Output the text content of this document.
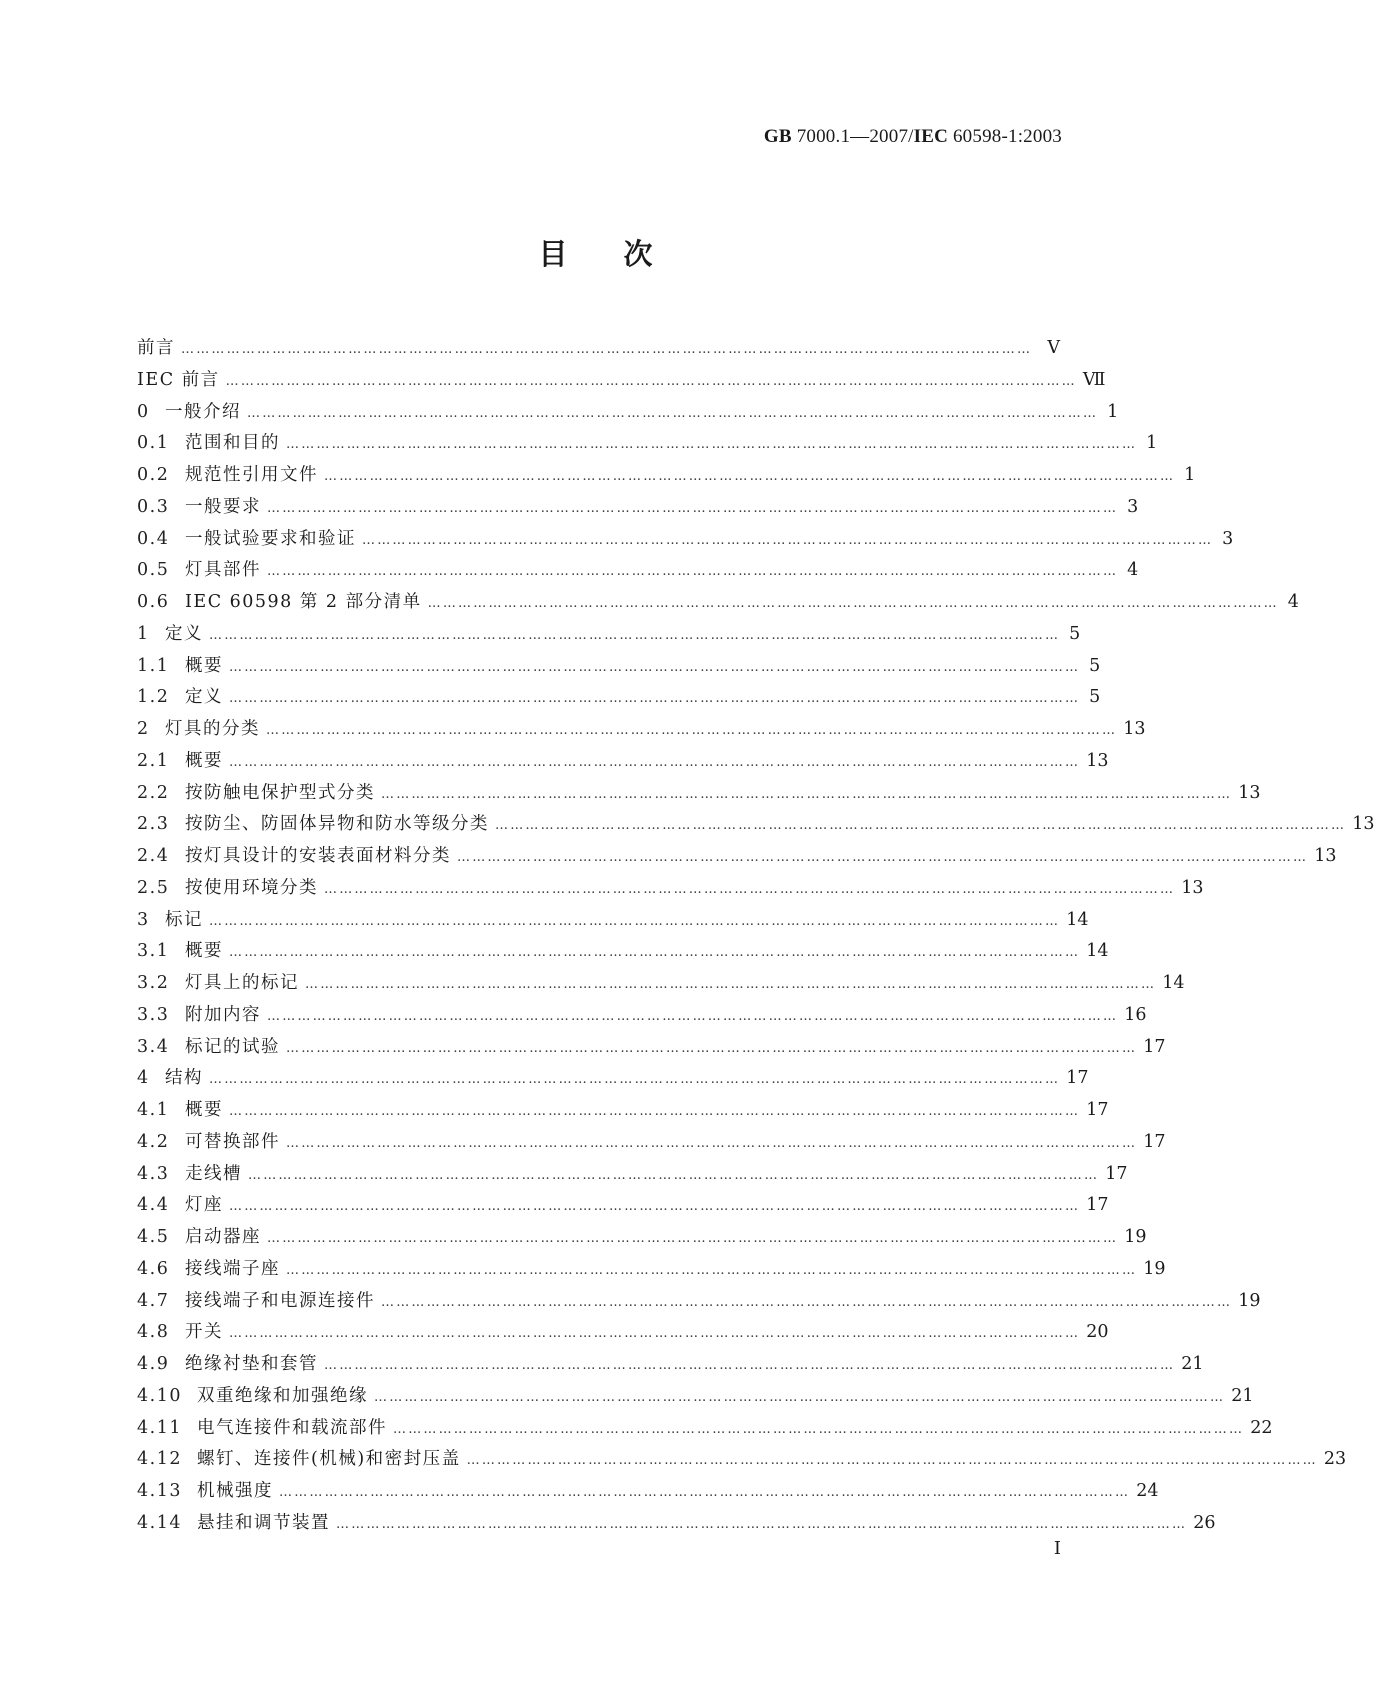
GB 7000.1—2007/IEC 60598-1:2003
目次
前言 …………………………………………………………………………………………………………………………………………………… V
IEC 前言 …………………………………………………………………………………………………………………………………………………… Ⅶ
0 一般介绍 …………………………………………………………………………………………………………………………………………………… 1
0.1 范围和目的 …………………………………………………………………………………………………………………………………………………… 1
0.2 规范性引用文件 …………………………………………………………………………………………………………………………………………………… 1
0.3 一般要求 …………………………………………………………………………………………………………………………………………………… 3
0.4 一般试验要求和验证 …………………………………………………………………………………………………………………………………………………… 3
0.5 灯具部件 …………………………………………………………………………………………………………………………………………………… 4
0.6 IEC 60598 第 2 部分清单 …………………………………………………………………………………………………………………………………………………… 4
1 定义 …………………………………………………………………………………………………………………………………………………… 5
1.1 概要 …………………………………………………………………………………………………………………………………………………… 5
1.2 定义 …………………………………………………………………………………………………………………………………………………… 5
2 灯具的分类 …………………………………………………………………………………………………………………………………………………… 13
2.1 概要 …………………………………………………………………………………………………………………………………………………… 13
2.2 按防触电保护型式分类 …………………………………………………………………………………………………………………………………………………… 13
2.3 按防尘、防固体异物和防水等级分类 …………………………………………………………………………………………………………………………………………………… 13
2.4 按灯具设计的安装表面材料分类 …………………………………………………………………………………………………………………………………………………… 13
2.5 按使用环境分类 …………………………………………………………………………………………………………………………………………………… 13
3 标记 …………………………………………………………………………………………………………………………………………………… 14
3.1 概要 …………………………………………………………………………………………………………………………………………………… 14
3.2 灯具上的标记 …………………………………………………………………………………………………………………………………………………… 14
3.3 附加内容 …………………………………………………………………………………………………………………………………………………… 16
3.4 标记的试验 …………………………………………………………………………………………………………………………………………………… 17
4 结构 …………………………………………………………………………………………………………………………………………………… 17
4.1 概要 …………………………………………………………………………………………………………………………………………………… 17
4.2 可替换部件 …………………………………………………………………………………………………………………………………………………… 17
4.3 走线槽 …………………………………………………………………………………………………………………………………………………… 17
4.4 灯座 …………………………………………………………………………………………………………………………………………………… 17
4.5 启动器座 …………………………………………………………………………………………………………………………………………………… 19
4.6 接线端子座 …………………………………………………………………………………………………………………………………………………… 19
4.7 接线端子和电源连接件 …………………………………………………………………………………………………………………………………………………… 19
4.8 开关 …………………………………………………………………………………………………………………………………………………… 20
4.9 绝缘衬垫和套管 …………………………………………………………………………………………………………………………………………………… 21
4.10 双重绝缘和加强绝缘 …………………………………………………………………………………………………………………………………………………… 21
4.11 电气连接件和载流部件 …………………………………………………………………………………………………………………………………………………… 22
4.12 螺钉、连接件(机械)和密封压盖 …………………………………………………………………………………………………………………………………………………… 23
4.13 机械强度 …………………………………………………………………………………………………………………………………………………… 24
4.14 悬挂和调节装置 …………………………………………………………………………………………………………………………………………………… 26
I
